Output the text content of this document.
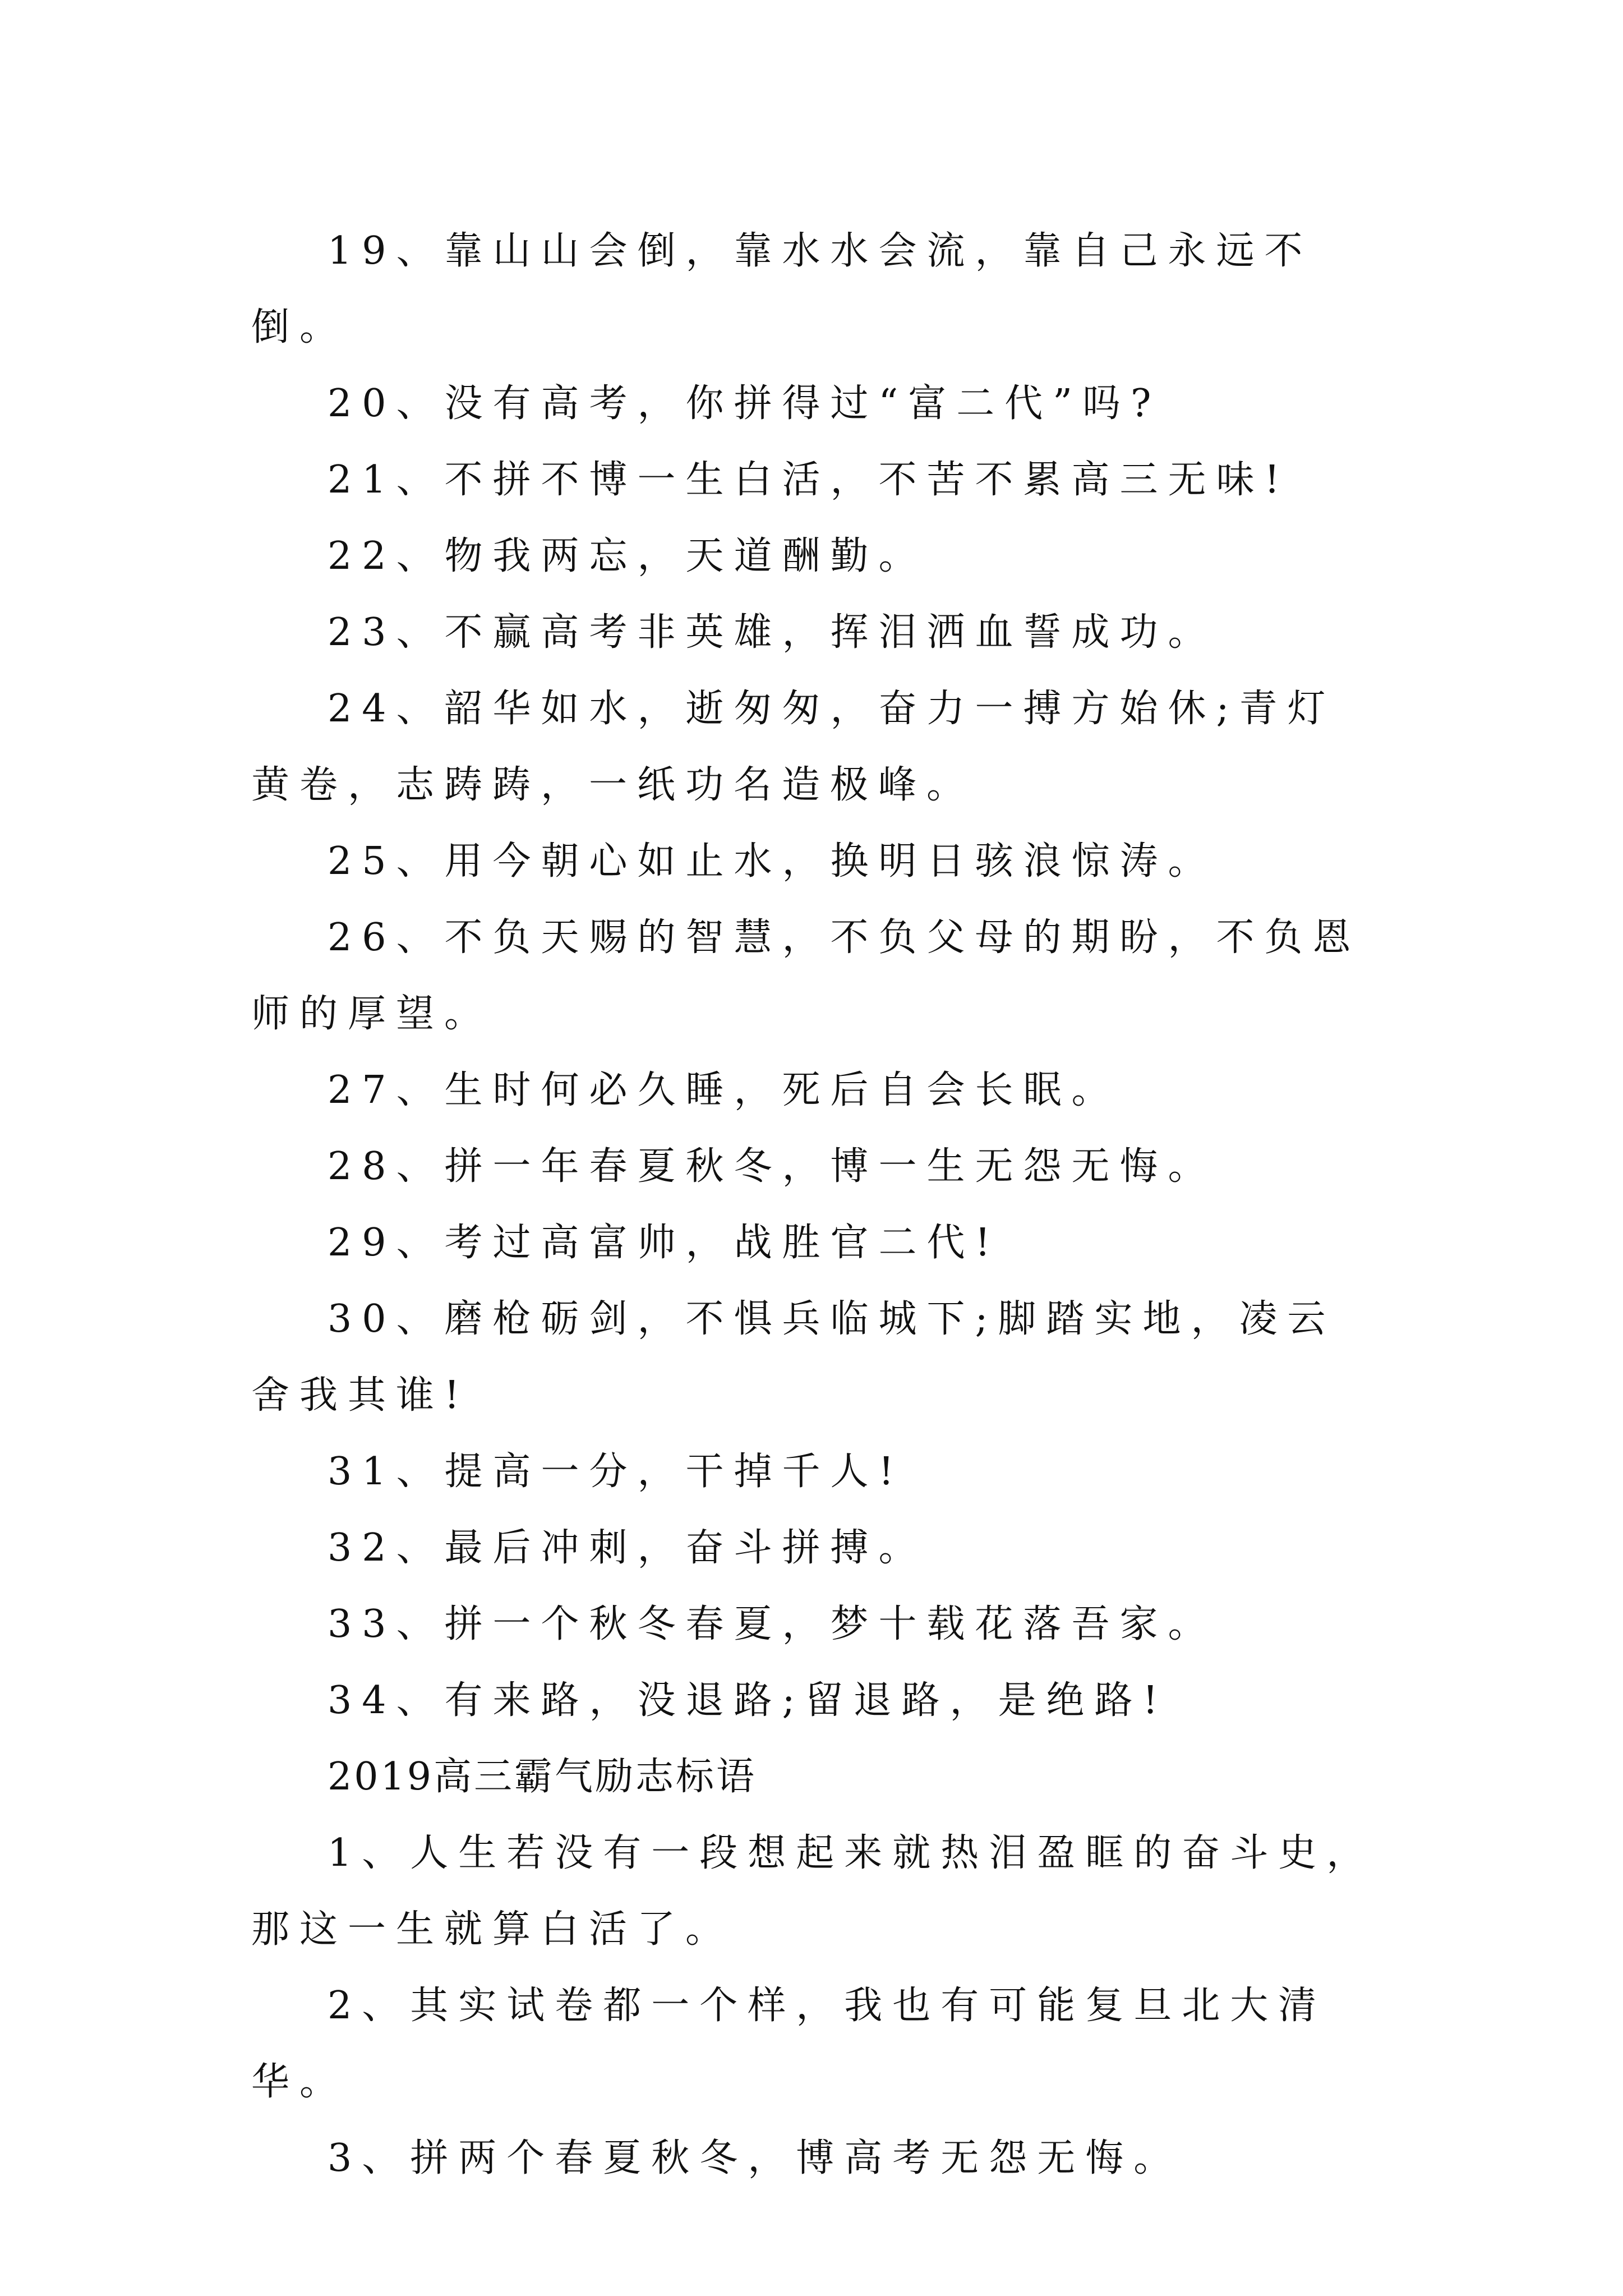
19、靠山山会倒，靠水水会流，靠自己永远不倒。

20、没有高考，你拼得过“富二代”吗?

21、不拼不博一生白活，不苦不累高三无味!

22、物我两忘，天道酬勤。

23、不赢高考非英雄，挥泪洒血誓成功。

24、韶华如水，逝匆匆，奋力一搏方始休;青灯黄卷，志踌踌，一纸功名造极峰。

25、用今朝心如止水，换明日骇浪惊涛。

26、不负天赐的智慧，不负父母的期盼，不负恩师的厚望。

27、生时何必久睡，死后自会长眠。

28、拼一年春夏秋冬，博一生无怨无悔。

29、考过高富帅，战胜官二代!

30、磨枪砺剑，不惧兵临城下;脚踏实地，凌云舍我其谁!

31、提高一分，干掉千人!

32、最后冲刺，奋斗拼搏。

33、拼一个秋冬春夏，梦十载花落吾家。

34、有来路，没退路;留退路，是绝路!

2019高三霸气励志标语

1、人生若没有一段想起来就热泪盈眶的奋斗史，那这一生就算白活了。

2、其实试卷都一个样，我也有可能复旦北大清华。

3、拼两个春夏秋冬，博高考无怨无悔。
